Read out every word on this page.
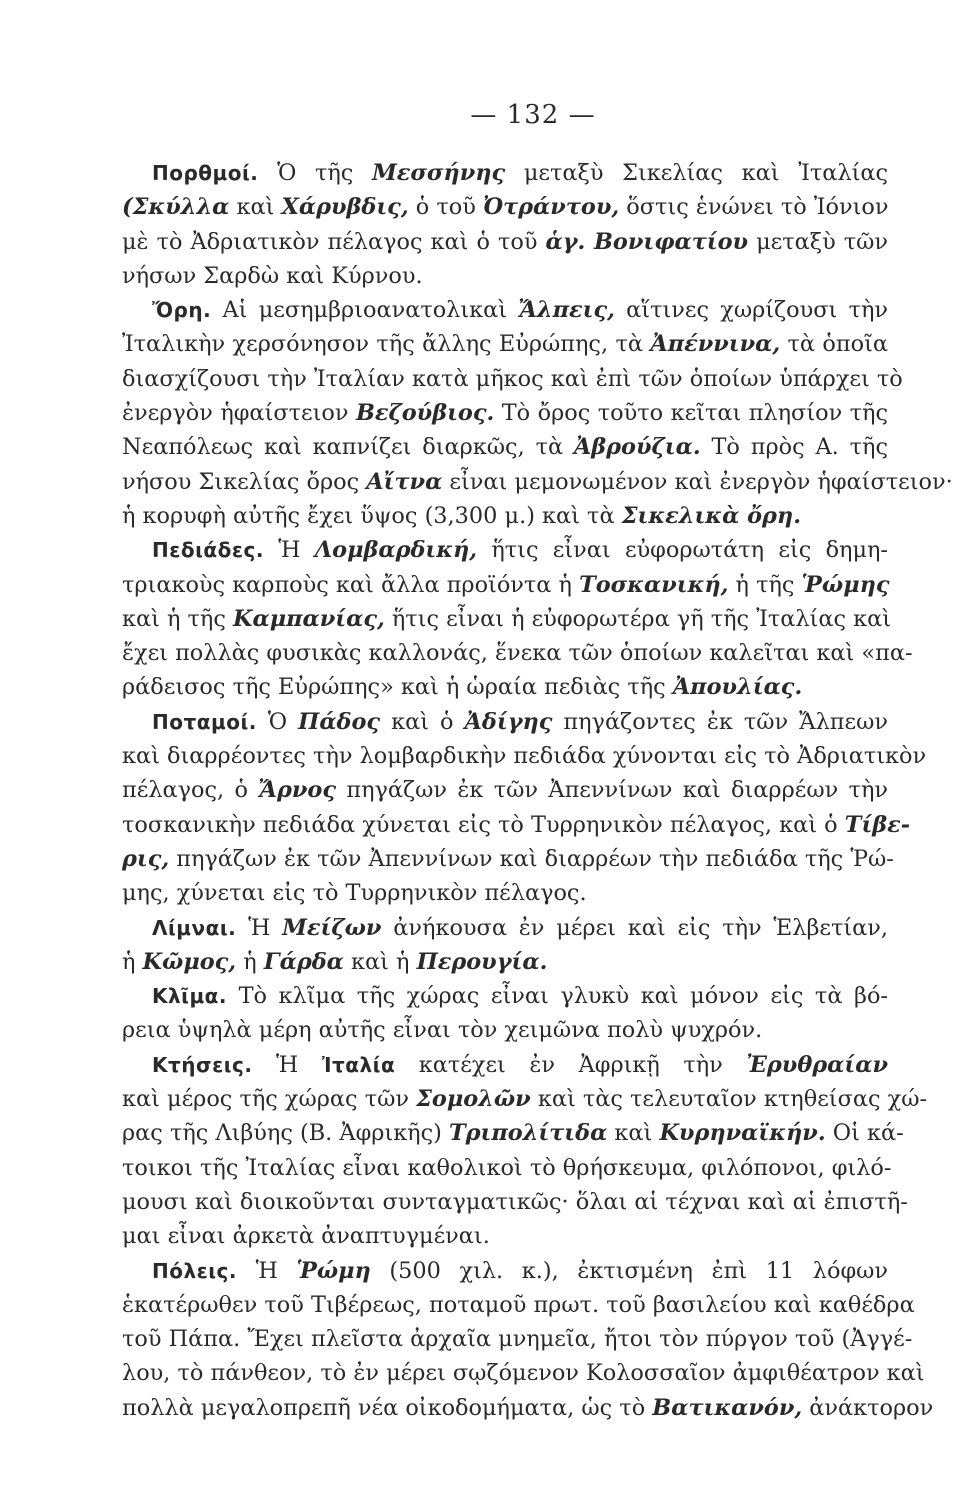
— 132 —
Πορθμοί. Ὁ τῆς Μεσσήνης μεταξὺ Σικελίας καὶ Ἰταλίας
(Σκύλλα καὶ Χάρυβδις, ὁ τοῦ Ὀτράντου, ὅστις ἑνώνει τὸ Ἰόνιον
μὲ τὸ Ἀδριατικὸν πέλαγος καὶ ὁ τοῦ ἁγ. Βονιφατίου μεταξὺ τῶν
νήσων Σαρδὼ καὶ Κύρνου.
Ὄρη. Αἱ μεσημβριοανατολικαὶ Ἄλπεις, αἵτινες χωρίζουσι τὴν
Ἰταλικὴν χερσόνησον τῆς ἄλλης Εὐρώπης, τὰ Ἀπέννινα, τὰ ὁποῖα
διασχίζουσι τὴν Ἰταλίαν κατὰ μῆκος καὶ ἐπὶ τῶν ὁποίων ὑπάρχει τὸ
ἐνεργὸν ἡφαίστειον Βεζούβιος. Τὸ ὄρος τοῦτο κεῖται πλησίον τῆς
Νεαπόλεως καὶ καπνίζει διαρκῶς, τὰ Ἀβρούζια. Τὸ πρὸς Α. τῆς
νήσου Σικελίας ὄρος Αἴτνα εἶναι μεμονωμένον καὶ ἐνεργὸν ἡφαίστειον·
ἡ κορυφὴ αὐτῆς ἔχει ὕψος (3,300 μ.) καὶ τὰ Σικελικὰ ὄρη.
Πεδιάδες. Ἡ Λομβαρδική, ἥτις εἶναι εὐφορωτάτη εἰς δημη-
τριακοὺς καρποὺς καὶ ἄλλα προϊόντα ἡ Τοσκανική, ἡ τῆς Ῥώμης
καὶ ἡ τῆς Καμπανίας, ἥτις εἶναι ἡ εὐφορωτέρα γῆ τῆς Ἰταλίας καὶ
ἔχει πολλὰς φυσικὰς καλλονάς, ἕνεκα τῶν ὁποίων καλεῖται καὶ «πα-
ράδεισος τῆς Εὐρώπης» καὶ ἡ ὡραία πεδιὰς τῆς Ἀπουλίας.
Ποταμοί. Ὁ Πάδος καὶ ὁ Ἀδίγης πηγάζοντες ἐκ τῶν Ἄλπεων
καὶ διαρρέοντες τὴν λομβαρδικὴν πεδιάδα χύνονται εἰς τὸ Ἀδριατικὸν
πέλαγος, ὁ Ἄρνος πηγάζων ἐκ τῶν Ἀπεννίνων καὶ διαρρέων τὴν
τοσκανικὴν πεδιάδα χύνεται εἰς τὸ Τυρρηνικὸν πέλαγος, καὶ ὁ Τίβε-
ρις, πηγάζων ἐκ τῶν Ἀπεννίνων καὶ διαρρέων τὴν πεδιάδα τῆς Ῥώ-
μης, χύνεται εἰς τὸ Τυρρηνικὸν πέλαγος.
Λίμναι. Ἡ Μείζων ἀνήκουσα ἐν μέρει καὶ εἰς τὴν Ἑλβετίαν,
ἡ Κῶμος, ἡ Γάρδα καὶ ἡ Περουγία.
Κλῖμα. Τὸ κλῖμα τῆς χώρας εἶναι γλυκὺ καὶ μόνον εἰς τὰ βό-
ρεια ὑψηλὰ μέρη αὐτῆς εἶναι τὸν χειμῶνα πολὺ ψυχρόν.
Κτήσεις. Ἡ Ἰταλία κατέχει ἐν Ἀφρικῇ τὴν Ἐρυθραίαν
καὶ μέρος τῆς χώρας τῶν Σομολῶν καὶ τὰς τελευταῖον κτηθείσας χώ-
ρας τῆς Λιβύης (Β. Ἀφρικῆς) Τριπολίτιδα καὶ Κυρηναϊκήν. Οἱ κά-
τοικοι τῆς Ἰταλίας εἶναι καθολικοὶ τὸ θρήσκευμα, φιλόπονοι, φιλό-
μουσι καὶ διοικοῦνται συνταγματικῶς· ὅλαι αἱ τέχναι καὶ αἱ ἐπιστῆ-
μαι εἶναι ἀρκετὰ ἀναπτυγμέναι.
Πόλεις. Ἡ Ῥώμη (500 χιλ. κ.), ἐκτισμένη ἐπὶ 11 λόφων
ἑκατέρωθεν τοῦ Τιβέρεως, ποταμοῦ πρωτ. τοῦ βασιλείου καὶ καθέδρα
τοῦ Πάπα. Ἔχει πλεῖστα ἀρχαῖα μνημεῖα, ἤτοι τὸν πύργον τοῦ (Ἀγγέ-
λου, τὸ πάνθεον, τὸ ἐν μέρει σῳζόμενον Κολοσσαῖον ἀμφιθέατρον καὶ
πολλὰ μεγαλοπρεπῆ νέα οἰκοδομήματα, ὡς τὸ Βατικανόν, ἀνάκτορον
